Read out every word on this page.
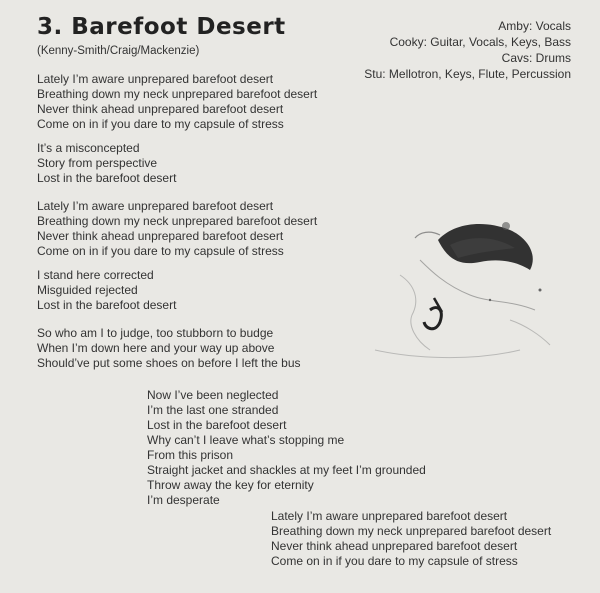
3. Barefoot Desert
(Kenny-Smith/Craig/Mackenzie)
Amby: Vocals
Cooky: Guitar, Vocals, Keys, Bass
Cavs: Drums
Stu: Mellotron, Keys, Flute, Percussion
Lately I’m aware unprepared barefoot desert
Breathing down my neck unprepared barefoot desert
Never think ahead unprepared barefoot desert
Come on in if you dare to my capsule of stress
It’s a misconcepted
Story from perspective
Lost in the barefoot desert
Lately I’m aware unprepared barefoot desert
Breathing down my neck unprepared barefoot desert
Never think ahead unprepared barefoot desert
Come on in if you dare to my capsule of stress
I stand here corrected
Misguided rejected
Lost in the barefoot desert
So who am I to judge, too stubborn to budge
When I’m down here and your way up above
Should’ve put some shoes on before I left the bus
Now I’ve been neglected
I’m the last one stranded
Lost in the barefoot desert
Why can’t I leave what’s stopping me
From this prison
Straight jacket and shackles at my feet I’m grounded
Throw away the key for eternity
I’m desperate
Lately I’m aware unprepared barefoot desert
Breathing down my neck unprepared barefoot desert
Never think ahead unprepared barefoot desert
Come on in if you dare to my capsule of stress
